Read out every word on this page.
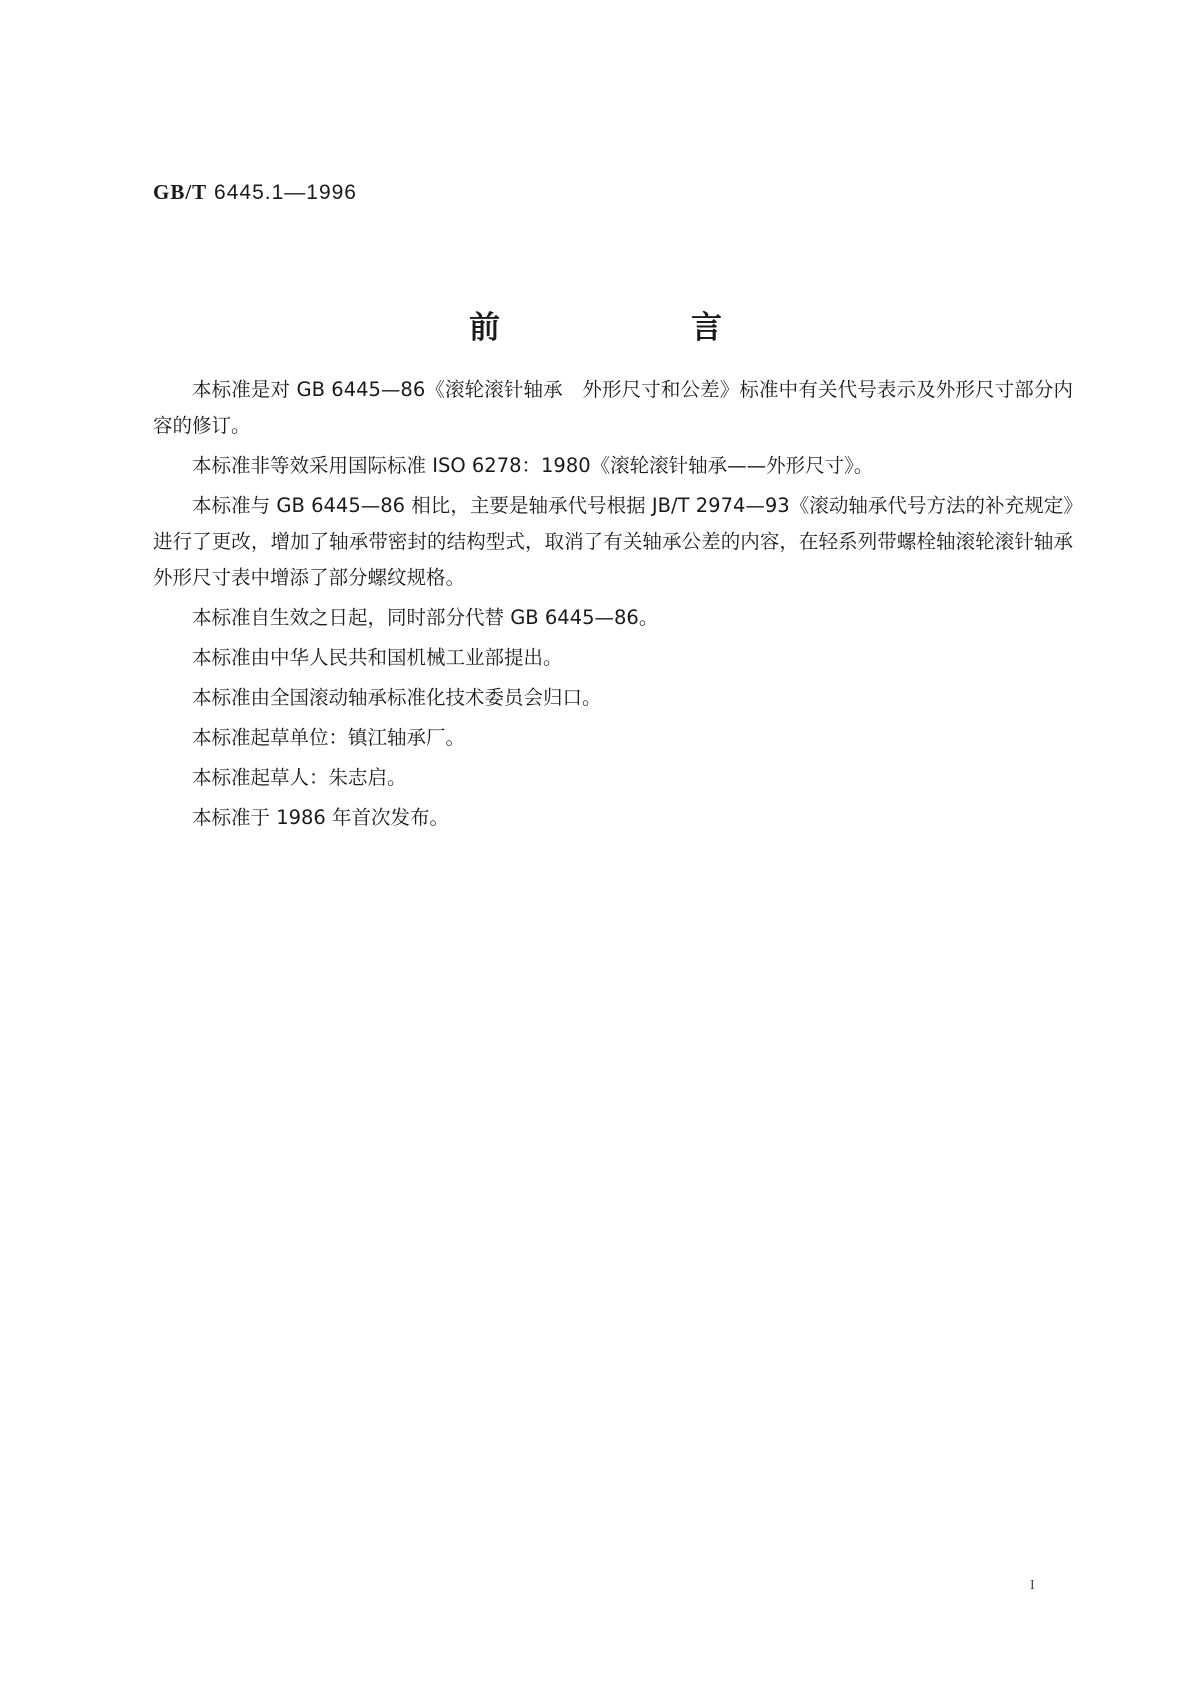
GB/T 6445.1—1996
前　言

本标准是对 GB 6445—86《滚轮滚针轴承　外形尺寸和公差》标准中有关代号表示及外形尺寸部分内容的修订。

本标准非等效采用国际标准 ISO 6278：1980《滚轮滚针轴承——外形尺寸》。

本标准与 GB 6445—86 相比，主要是轴承代号根据 JB/T 2974—93《滚动轴承代号方法的补充规定》进行了更改，增加了轴承带密封的结构型式，取消了有关轴承公差的内容，在轻系列带螺栓轴滚轮滚针轴承外形尺寸表中增添了部分螺纹规格。

本标准自生效之日起，同时部分代替 GB 6445—86。

本标准由中华人民共和国机械工业部提出。

本标准由全国滚动轴承标准化技术委员会归口。

本标准起草单位：镇江轴承厂。

本标准起草人：朱志启。

本标准于 1986 年首次发布。

I
